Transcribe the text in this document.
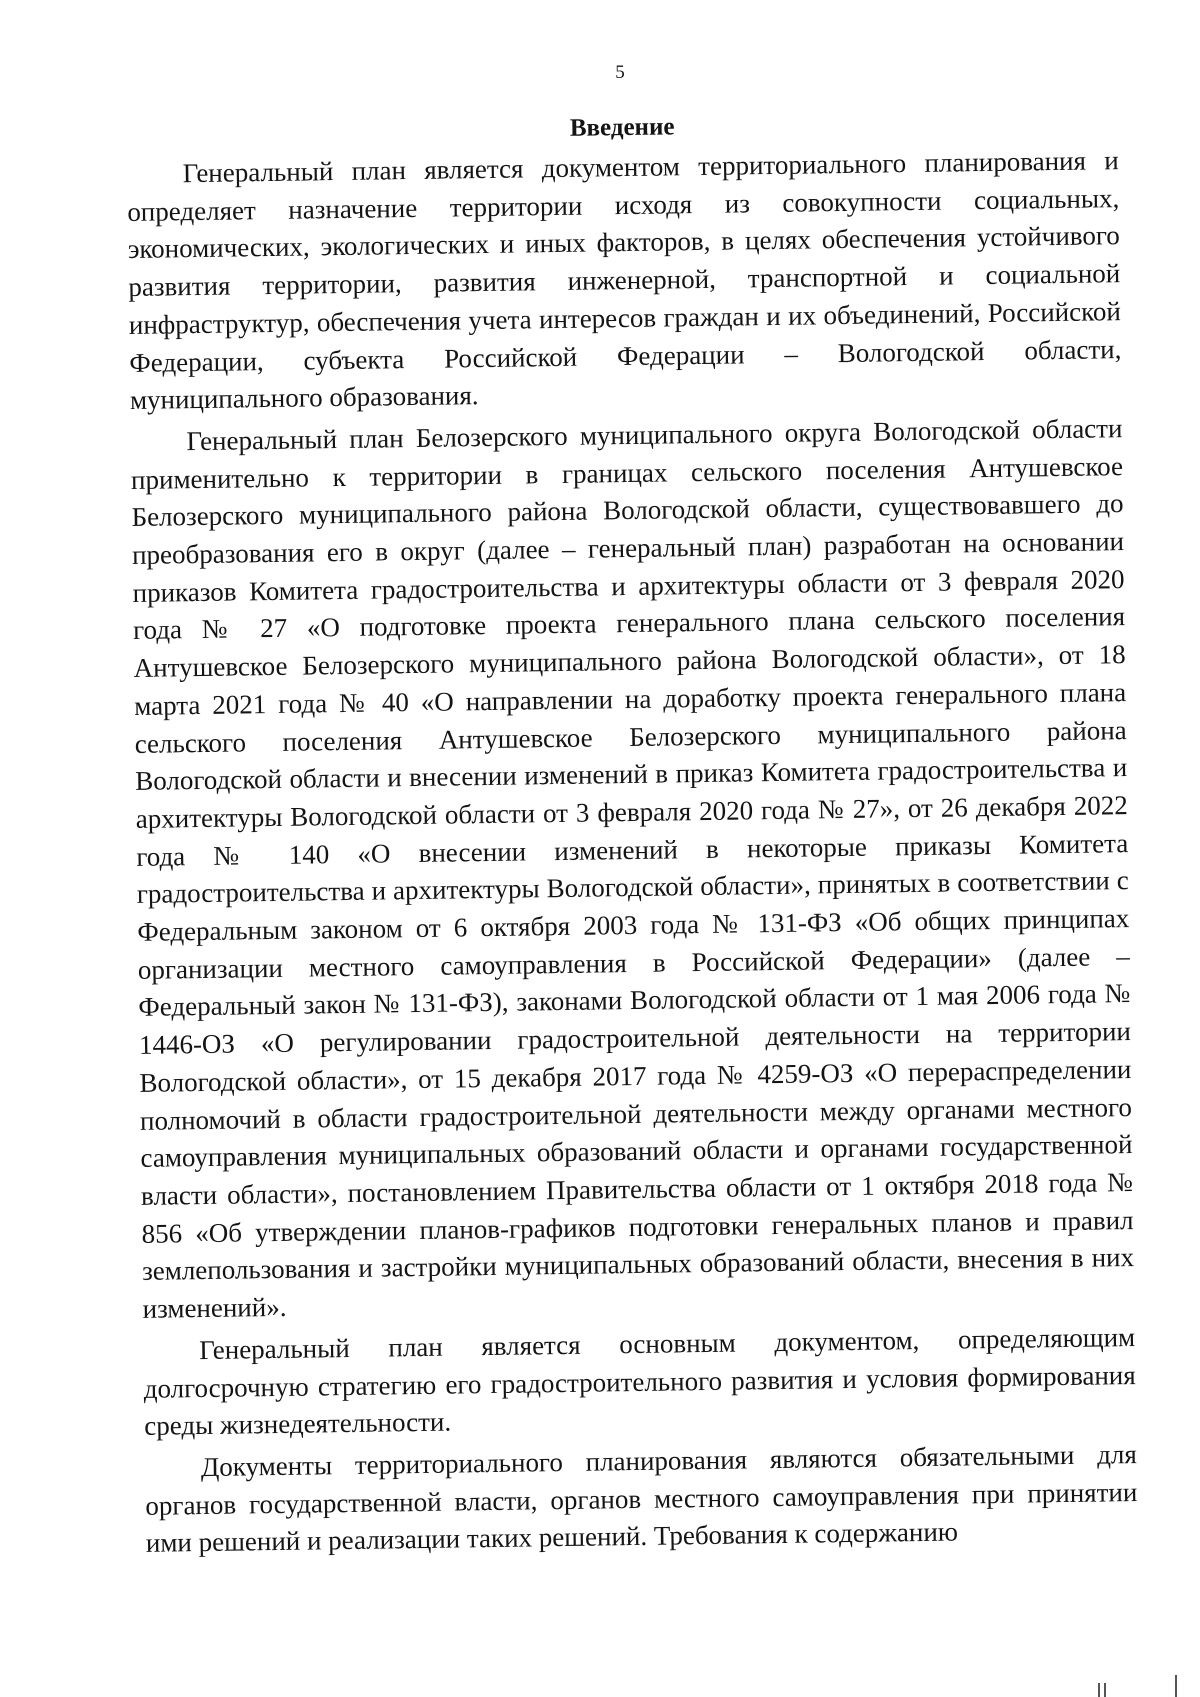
5
Введение

Генеральный план является документом территориального планирования и определяет назначение территории исходя из совокупности социальных, экономических, экологических и иных факторов, в целях обеспечения устойчивого развития территории, развития инженерной, транспортной и социальной инфраструктур, обеспечения учета интересов граждан и их объединений, Российской Федерации, субъекта Российской Федерации – Вологодской области, муниципального образования.

Генеральный план Белозерского муниципального округа Вологодской области применительно к территории в границах сельского поселения Антушевское Белозерского муниципального района Вологодской области, существовавшего до преобразования его в округ (далее – генеральный план) разработан на основании приказов Комитета градостроительства и архитектуры области от 3 февраля 2020 года № 27 «О подготовке проекта генерального плана сельского поселения Антушевское Белозерского муниципального района Вологодской области», от 18 марта 2021 года № 40 «О направлении на доработку проекта генерального плана сельского поселения Антушевское Белозерского муниципального района Вологодской области и внесении изменений в приказ Комитета градостроительства и архитектуры Вологодской области от 3 февраля 2020 года № 27», от 26 декабря 2022 года № 140 «О внесении изменений в некоторые приказы Комитета градостроительства и архитектуры Вологодской области», принятых в соответствии с Федеральным законом от 6 октября 2003 года № 131-ФЗ «Об общих принципах организации местного самоуправления в Российской Федерации» (далее – Федеральный закон № 131-ФЗ), законами Вологодской области от 1 мая 2006 года № 1446-ОЗ «О регулировании градостроительной деятельности на территории Вологодской области», от 15 декабря 2017 года № 4259-ОЗ «О перераспределении полномочий в области градостроительной деятельности между органами местного самоуправления муниципальных образований области и органами государственной власти области», постановлением Правительства области от 1 октября 2018 года № 856 «Об утверждении планов-графиков подготовки генеральных планов и правил землепользования и застройки муниципальных образований области, внесения в них изменений».

Генеральный план является основным документом, определяющим долгосрочную стратегию его градостроительного развития и условия формирования среды жизнедеятельности.

Документы территориального планирования являются обязательными для органов государственной власти, органов местного самоуправления при принятии ими решений и реализации таких решений. Требования к содержанию
